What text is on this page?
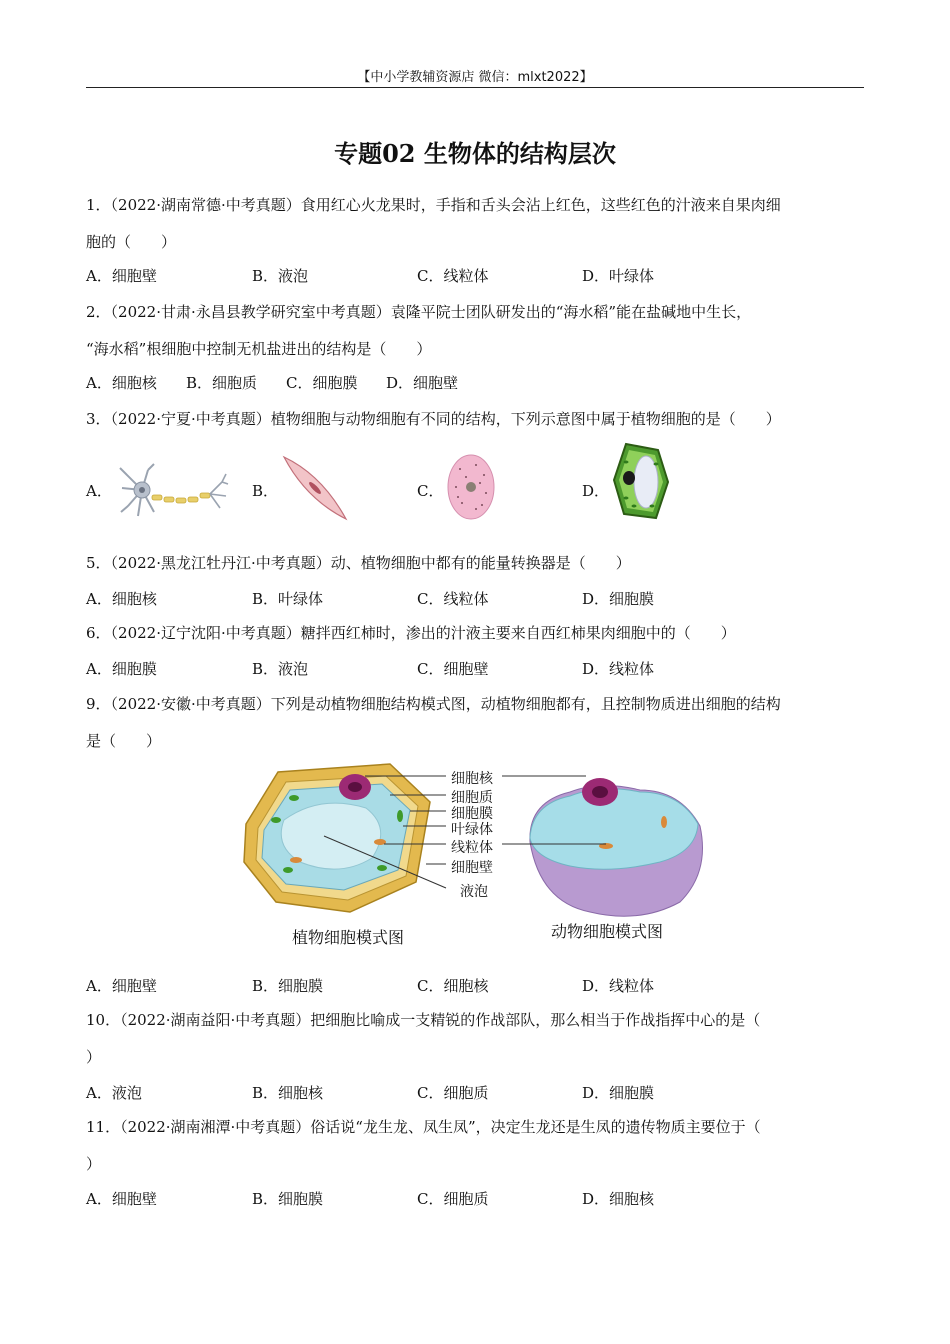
【中小学教辅资源店 微信：mlxt2022】
专题02 生物体的结构层次
1．（2022·湖南常德·中考真题）食用红心火龙果时，手指和舌头会沾上红色，这些红色的汁液来自果肉细
胞的（　　）
A．细胞壁	B．液泡	C．线粒体	D．叶绿体
2．（2022·甘肃·永昌县教学研究室中考真题）袁隆平院士团队研发出的“海水稻”能在盐碱地中生长，
“海水稻”根细胞中控制无机盐进出的结构是（　　）
A．细胞核 B．细胞质 C．细胞膜 D．细胞壁
3．（2022·宁夏·中考真题）植物细胞与动物细胞有不同的结构，下列示意图中属于植物细胞的是（　　）
A．	B．	C．	D．
5．（2022·黑龙江牡丹江·中考真题）动、植物细胞中都有的能量转换器是（　　）
A．细胞核	B．叶绿体	C．线粒体	D．细胞膜
6．（2022·辽宁沈阳·中考真题）糖拌西红柿时，渗出的汁液主要来自西红柿果肉细胞中的（　　）
A．细胞膜	B．液泡	C．细胞壁	D．线粒体
9．（2022·安徽·中考真题）下列是动植物细胞结构模式图，动植物细胞都有，且控制物质进出细胞的结构
是（　　）
细胞核
细胞质
细胞膜
叶绿体
线粒体
细胞壁
液泡
植物细胞模式图	动物细胞模式图
A．细胞壁	B．细胞膜	C．细胞核	D．线粒体
10．（2022·湖南益阳·中考真题）把细胞比喻成一支精锐的作战部队，那么相当于作战指挥中心的是（
）
A．液泡	B．细胞核	C．细胞质	D．细胞膜
11．（2022·湖南湘潭·中考真题）俗话说“龙生龙、凤生凤”，决定生龙还是生凤的遗传物质主要位于（
）
A．细胞壁	B．细胞膜	C．细胞质	D．细胞核
